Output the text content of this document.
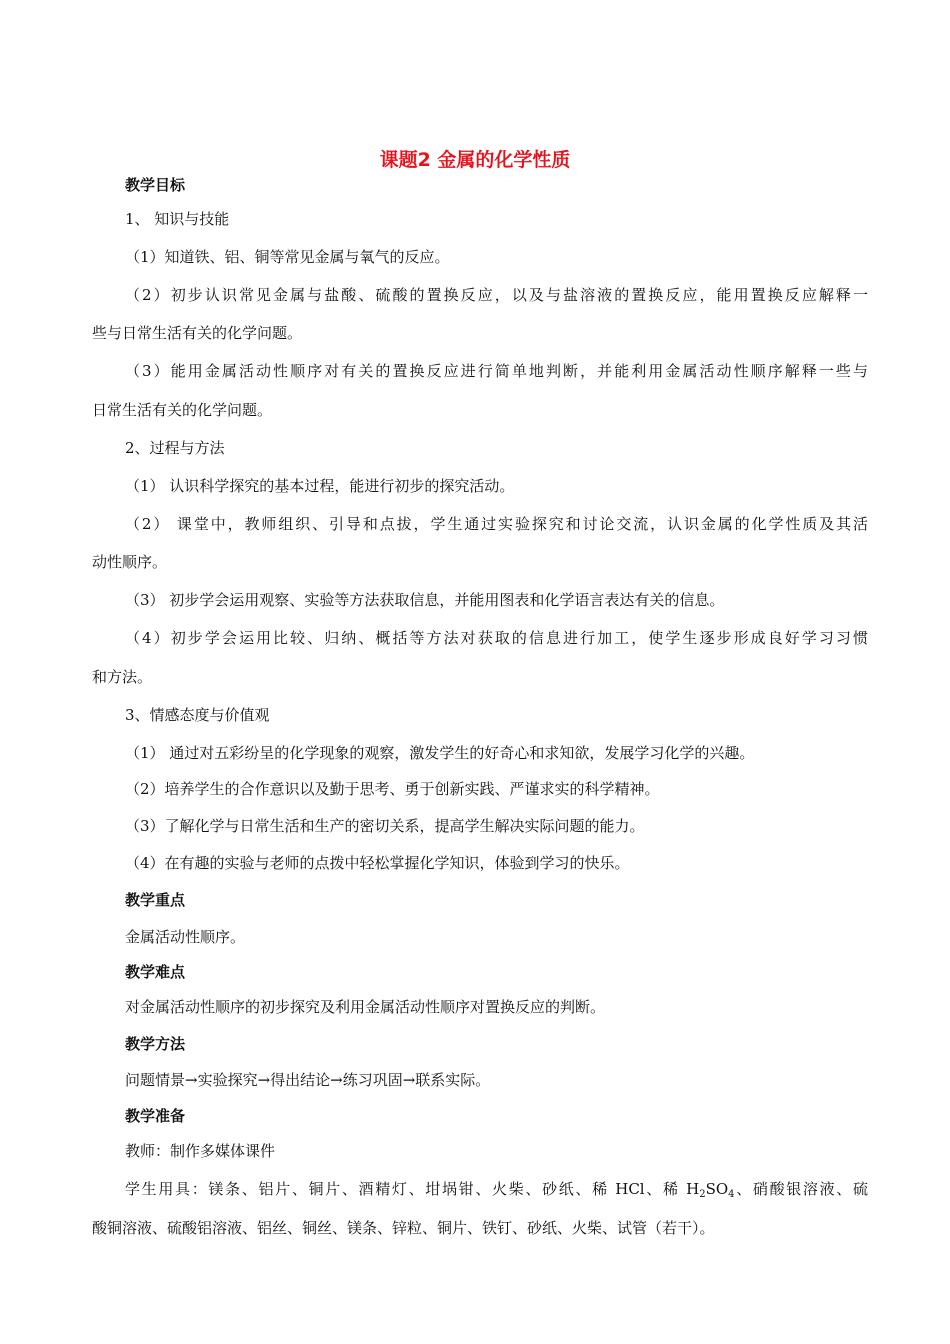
课题2 金属的化学性质
教学目标
1、 知识与技能
（1）知道铁、铝、铜等常见金属与氧气的反应。
（2）初步认识常见金属与盐酸、硫酸的置换反应，以及与盐溶液的置换反应，能用置换反应解释一
些与日常生活有关的化学问题。
（3）能用金属活动性顺序对有关的置换反应进行简单地判断，并能利用金属活动性顺序解释一些与
日常生活有关的化学问题。
2、过程与方法
（1） 认识科学探究的基本过程，能进行初步的探究活动。
（2） 课堂中，教师组织、引导和点拔，学生通过实验探究和讨论交流，认识金属的化学性质及其活
动性顺序。
（3） 初步学会运用观察、实验等方法获取信息，并能用图表和化学语言表达有关的信息。
（4）初步学会运用比较、归纳、概括等方法对获取的信息进行加工，使学生逐步形成良好学习习惯
和方法。
3、情感态度与价值观
（1） 通过对五彩纷呈的化学现象的观察，激发学生的好奇心和求知欲，发展学习化学的兴趣。
（2）培养学生的合作意识以及勤于思考、勇于创新实践、严谨求实的科学精神。
（3）了解化学与日常生活和生产的密切关系，提高学生解决实际问题的能力。
（4）在有趣的实验与老师的点拨中轻松掌握化学知识，体验到学习的快乐。
教学重点
金属活动性顺序。
教学难点
对金属活动性顺序的初步探究及利用金属活动性顺序对置换反应的判断。
教学方法
问题情景→实验探究→得出结论→练习巩固→联系实际。
教学准备
教师：制作多媒体课件
学生用具：镁条、铝片、铜片、酒精灯、坩埚钳、火柴、砂纸、稀 HCl、稀 $H_2SO_4$、硝酸银溶液、硫
酸铜溶液、硫酸铝溶液、铝丝、铜丝、镁条、锌粒、铜片、铁钉、砂纸、火柴、试管（若干）。
